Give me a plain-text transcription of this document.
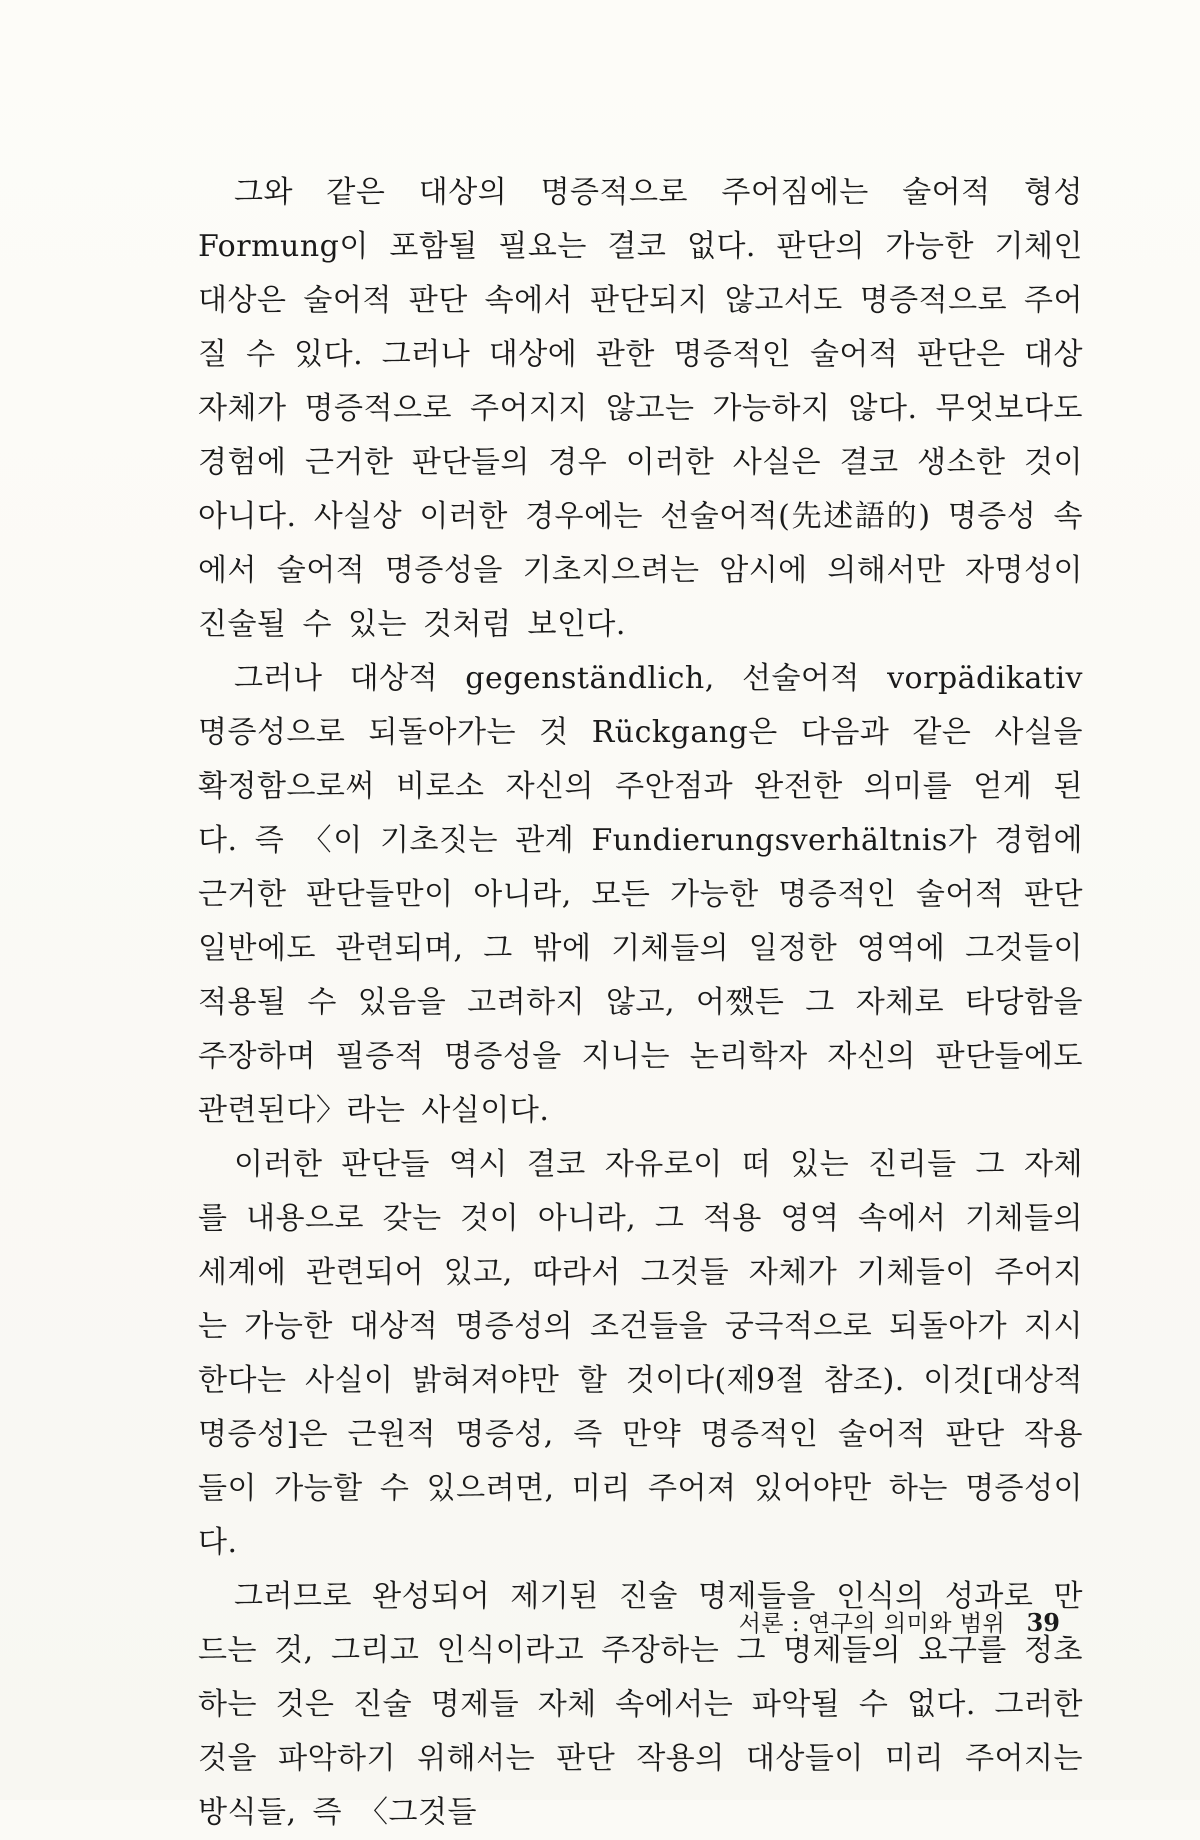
그와 같은 대상의 명증적으로 주어짐에는 술어적 형성 Formung이 포함될 필요는 결코 없다. 판단의 가능한 기체인 대상은 술어적 판단 속에서 판단되지 않고서도 명증적으로 주어질 수 있다. 그러나 대상에 관한 명증적인 술어적 판단은 대상 자체가 명증적으로 주어지지 않고는 가능하지 않다. 무엇보다도 경험에 근거한 판단들의 경우 이러한 사실은 결코 생소한 것이 아니다. 사실상 이러한 경우에는 선술어적(先述語的) 명증성 속에서 술어적 명증성을 기초지으려는 암시에 의해서만 자명성이 진술될 수 있는 것처럼 보인다.

그러나 대상적 gegenständlich, 선술어적 vorpädikativ 명증성으로 되돌아가는 것 Rückgang은 다음과 같은 사실을 확정함으로써 비로소 자신의 주안점과 완전한 의미를 얻게 된다. 즉 〈이 기초짓는 관계 Fundierungsverhältnis가 경험에 근거한 판단들만이 아니라, 모든 가능한 명증적인 술어적 판단 일반에도 관련되며, 그 밖에 기체들의 일정한 영역에 그것들이 적용될 수 있음을 고려하지 않고, 어쨌든 그 자체로 타당함을 주장하며 필증적 명증성을 지니는 논리학자 자신의 판단들에도 관련된다〉라는 사실이다.

이러한 판단들 역시 결코 자유로이 떠 있는 진리들 그 자체를 내용으로 갖는 것이 아니라, 그 적용 영역 속에서 기체들의 세계에 관련되어 있고, 따라서 그것들 자체가 기체들이 주어지는 가능한 대상적 명증성의 조건들을 궁극적으로 되돌아가 지시한다는 사실이 밝혀져야만 할 것이다(제9절 참조). 이것[대상적 명증성]은 근원적 명증성, 즉 만약 명증적인 술어적 판단 작용들이 가능할 수 있으려면, 미리 주어져 있어야만 하는 명증성이다.

그러므로 완성되어 제기된 진술 명제들을 인식의 성과로 만드는 것, 그리고 인식이라고 주장하는 그 명제들의 요구를 정초하는 것은 진술 명제들 자체 속에서는 파악될 수 없다. 그러한 것을 파악하기 위해서는 판단 작용의 대상들이 미리 주어지는 방식들, 즉 〈그것들

서론 : 연구의 의미와 범위 39
